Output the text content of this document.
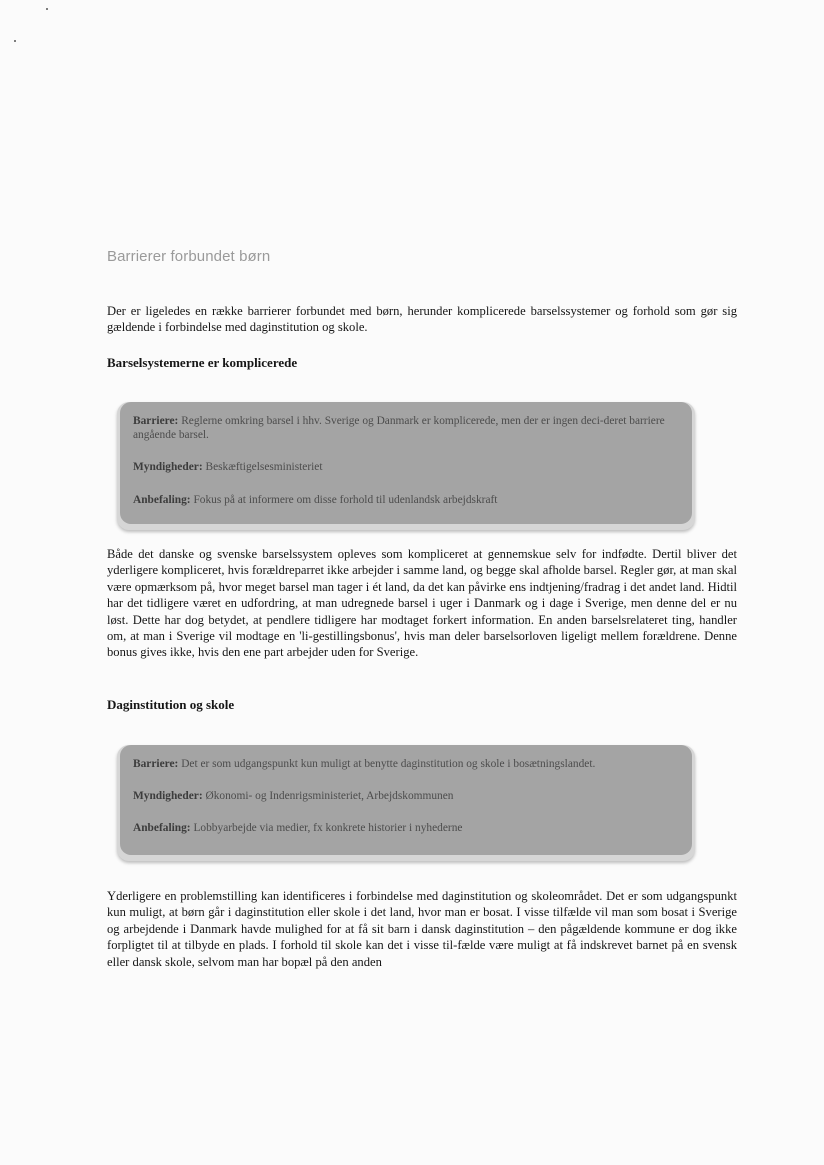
Barrierer forbundet børn

Der er ligeledes en række barrierer forbundet med børn, herunder komplicerede barselssystemer og forhold som gør sig gældende i forbindelse med daginstitution og skole.

Barselsystemerne er komplicerede

Barriere: Reglerne omkring barsel i hhv. Sverige og Danmark er komplicerede, men der er ingen deci-deret barriere angående barsel.

Myndigheder: Beskæftigelsesministeriet

Anbefaling: Fokus på at informere om disse forhold til udenlandsk arbejdskraft

Både det danske og svenske barselssystem opleves som kompliceret at gennemskue selv for indfødte. Dertil bliver det yderligere kompliceret, hvis forældreparret ikke arbejder i samme land, og begge skal afholde barsel. Regler gør, at man skal være opmærksom på, hvor meget barsel man tager i ét land, da det kan påvirke ens indtjening/fradrag i det andet land. Hidtil har det tidligere været en udfordring, at man udregnede barsel i uger i Danmark og i dage i Sverige, men denne del er nu løst. Dette har dog betydet, at pendlere tidligere har modtaget forkert information. En anden barselsrelateret ting, handler om, at man i Sverige vil modtage en 'li-gestillingsbonus', hvis man deler barselsorloven ligeligt mellem forældrene. Denne bonus gives ikke, hvis den ene part arbejder uden for Sverige.

Daginstitution og skole

Barriere: Det er som udgangspunkt kun muligt at benytte daginstitution og skole i bosætningslandet.

Myndigheder: Økonomi- og Indenrigsministeriet, Arbejdskommunen

Anbefaling: Lobbyarbejde via medier, fx konkrete historier i nyhederne

Yderligere en problemstilling kan identificeres i forbindelse med daginstitution og skoleområdet. Det er som udgangspunkt kun muligt, at børn går i daginstitution eller skole i det land, hvor man er bosat. I visse tilfælde vil man som bosat i Sverige og arbejdende i Danmark havde mulighed for at få sit barn i dansk daginstitution – den pågældende kommune er dog ikke forpligtet til at tilbyde en plads. I forhold til skole kan det i visse til-fælde være muligt at få indskrevet barnet på en svensk eller dansk skole, selvom man har bopæl på den anden
